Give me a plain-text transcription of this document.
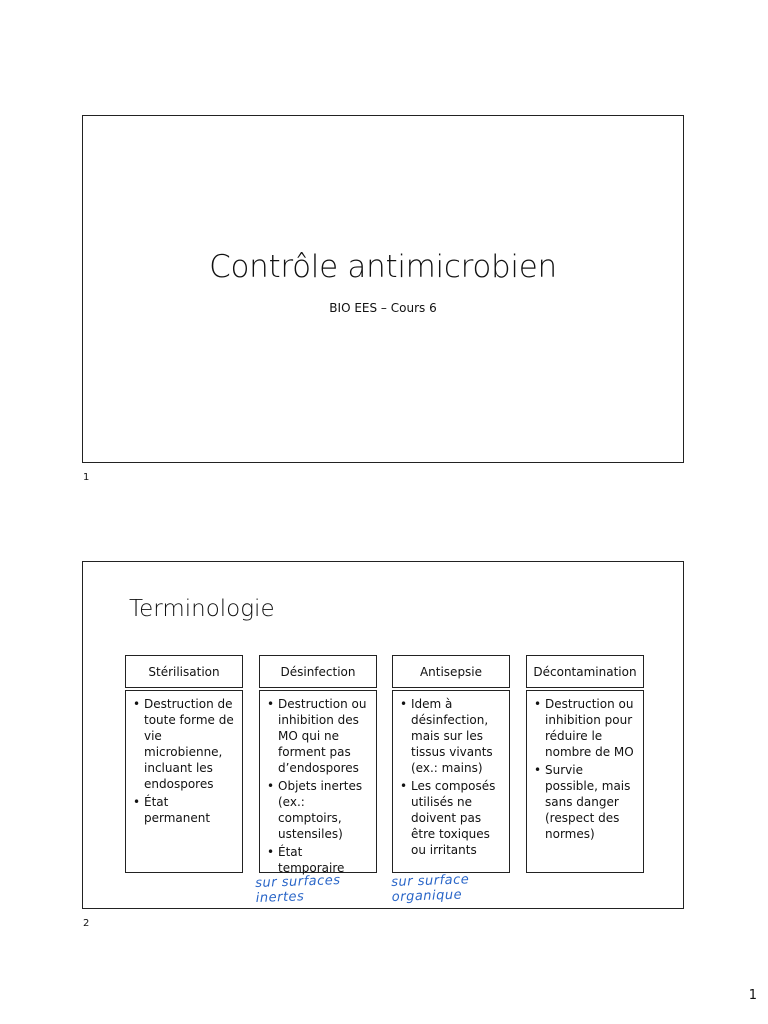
Contrôle antimicrobien
BIO EES – Cours 6
1
Terminologie
Stérilisation
• Destruction de toute forme de vie microbienne, incluant les endospores
• État permanent
Désinfection
• Destruction ou inhibition des MO qui ne forment pas d’endospores
• Objets inertes (ex.: comptoirs, ustensiles)
• État temporaire
Antisepsie
• Idem à désinfection, mais sur les tissus vivants (ex.: mains)
• Les composés utilisés ne doivent pas être toxiques ou irritants
Décontamination
• Destruction ou inhibition pour réduire le nombre de MO
• Survie possible, mais sans danger (respect des normes)
sur surfaces
inertes
sur surface
organique
2
1
